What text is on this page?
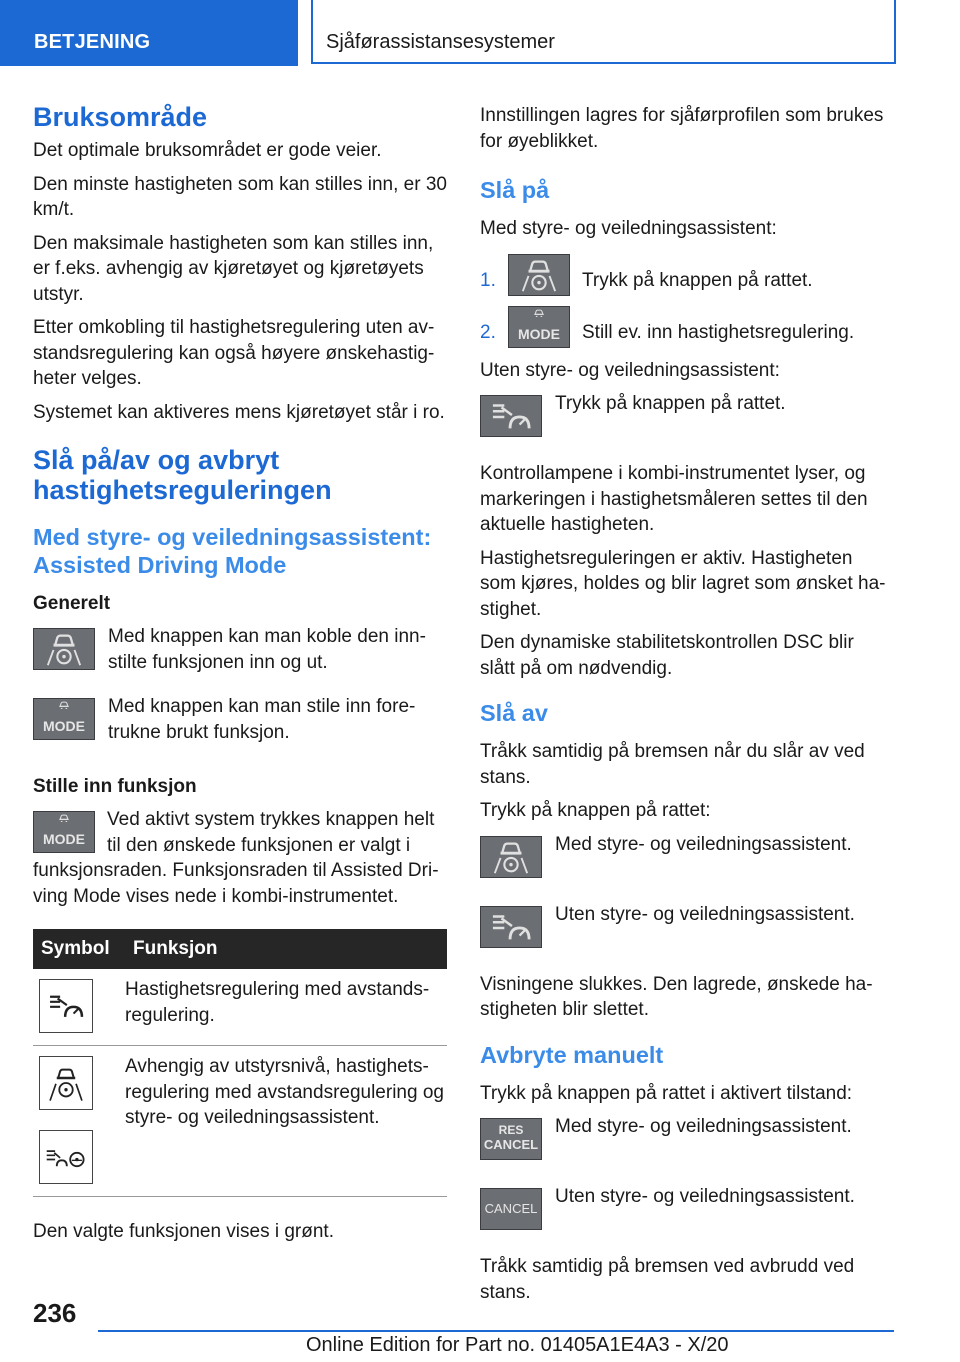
BETJENING	Sjåførassistansesystemer
Bruksområde

Det optimale bruksområdet er gode veier.

Den minste hastigheten som kan stilles inn, er 30 km/t.

Den maksimale hastigheten som kan stilles inn, er f.eks. avhengig av kjøretøyet og kjøretøyets utstyr.

Etter omkobling til hastighetsregulering uten avstandsregulering kan også høyere ønskehastigheter velges.

Systemet kan aktiveres mens kjøretøyet står i ro.

Slå på/av og avbryt hastighetsreguleringen
Med styre- og veiledningsassistent: Assisted Driving Mode
Generelt
Med knappen kan man koble den innstilte funksjonen inn og ut.
MODE
Med knappen kan man stile inn foretrukne brukt funksjon.
Stille inn funksjon
MODE
Ved aktivt system trykkes knappen helt til den ønskede funksjonen er valgt i funksjonsraden. Funksjonsraden til Assisted Driving Mode vises nede i kombi-instrumentet.
Symbol	Funksjon

	Hastighetsregulering med avstandsregulering.

	Avhengig av utstyrsnivå, hastighetsregulering med avstandsregulering og styre- og veiledningsassistent.

Den valgte funksjonen vises i grønt.

Innstillingen lagres for sjåførprofilen som brukes for øyeblikket.

Slå på

Med styre- og veiledningsassistent:

1.	Trykk på knappen på rattet.
2.	MODE	Still ev. inn hastighetsregulering.

Uten styre- og veiledningsassistent:

Trykk på knappen på rattet.

Kontrollampene i kombi-instrumentet lyser, og markeringen i hastighetsmåleren settes til den aktuelle hastigheten.

Hastighetsreguleringen er aktiv. Hastigheten som kjøres, holdes og blir lagret som ønsket hastighet.

Den dynamiske stabilitetskontrollen DSC blir slått på om nødvendig.

Slå av

Tråkk samtidig på bremsen når du slår av ved stans.

Trykk på knappen på rattet:

Med styre- og veiledningsassistent.
Uten styre- og veiledningsassistent.

Visningene slukkes. Den lagrede, ønskede hastigheten blir slettet.

Avbryte manuelt

Trykk på knappen på rattet i aktivert tilstand:

RES
CANCEL
Med styre- og veiledningsassistent.
CANCEL
Uten styre- og veiledningsassistent.

Tråkk samtidig på bremsen ved avbrudd ved stans.

236
Online Edition for Part no. 01405A1E4A3 - X/20
